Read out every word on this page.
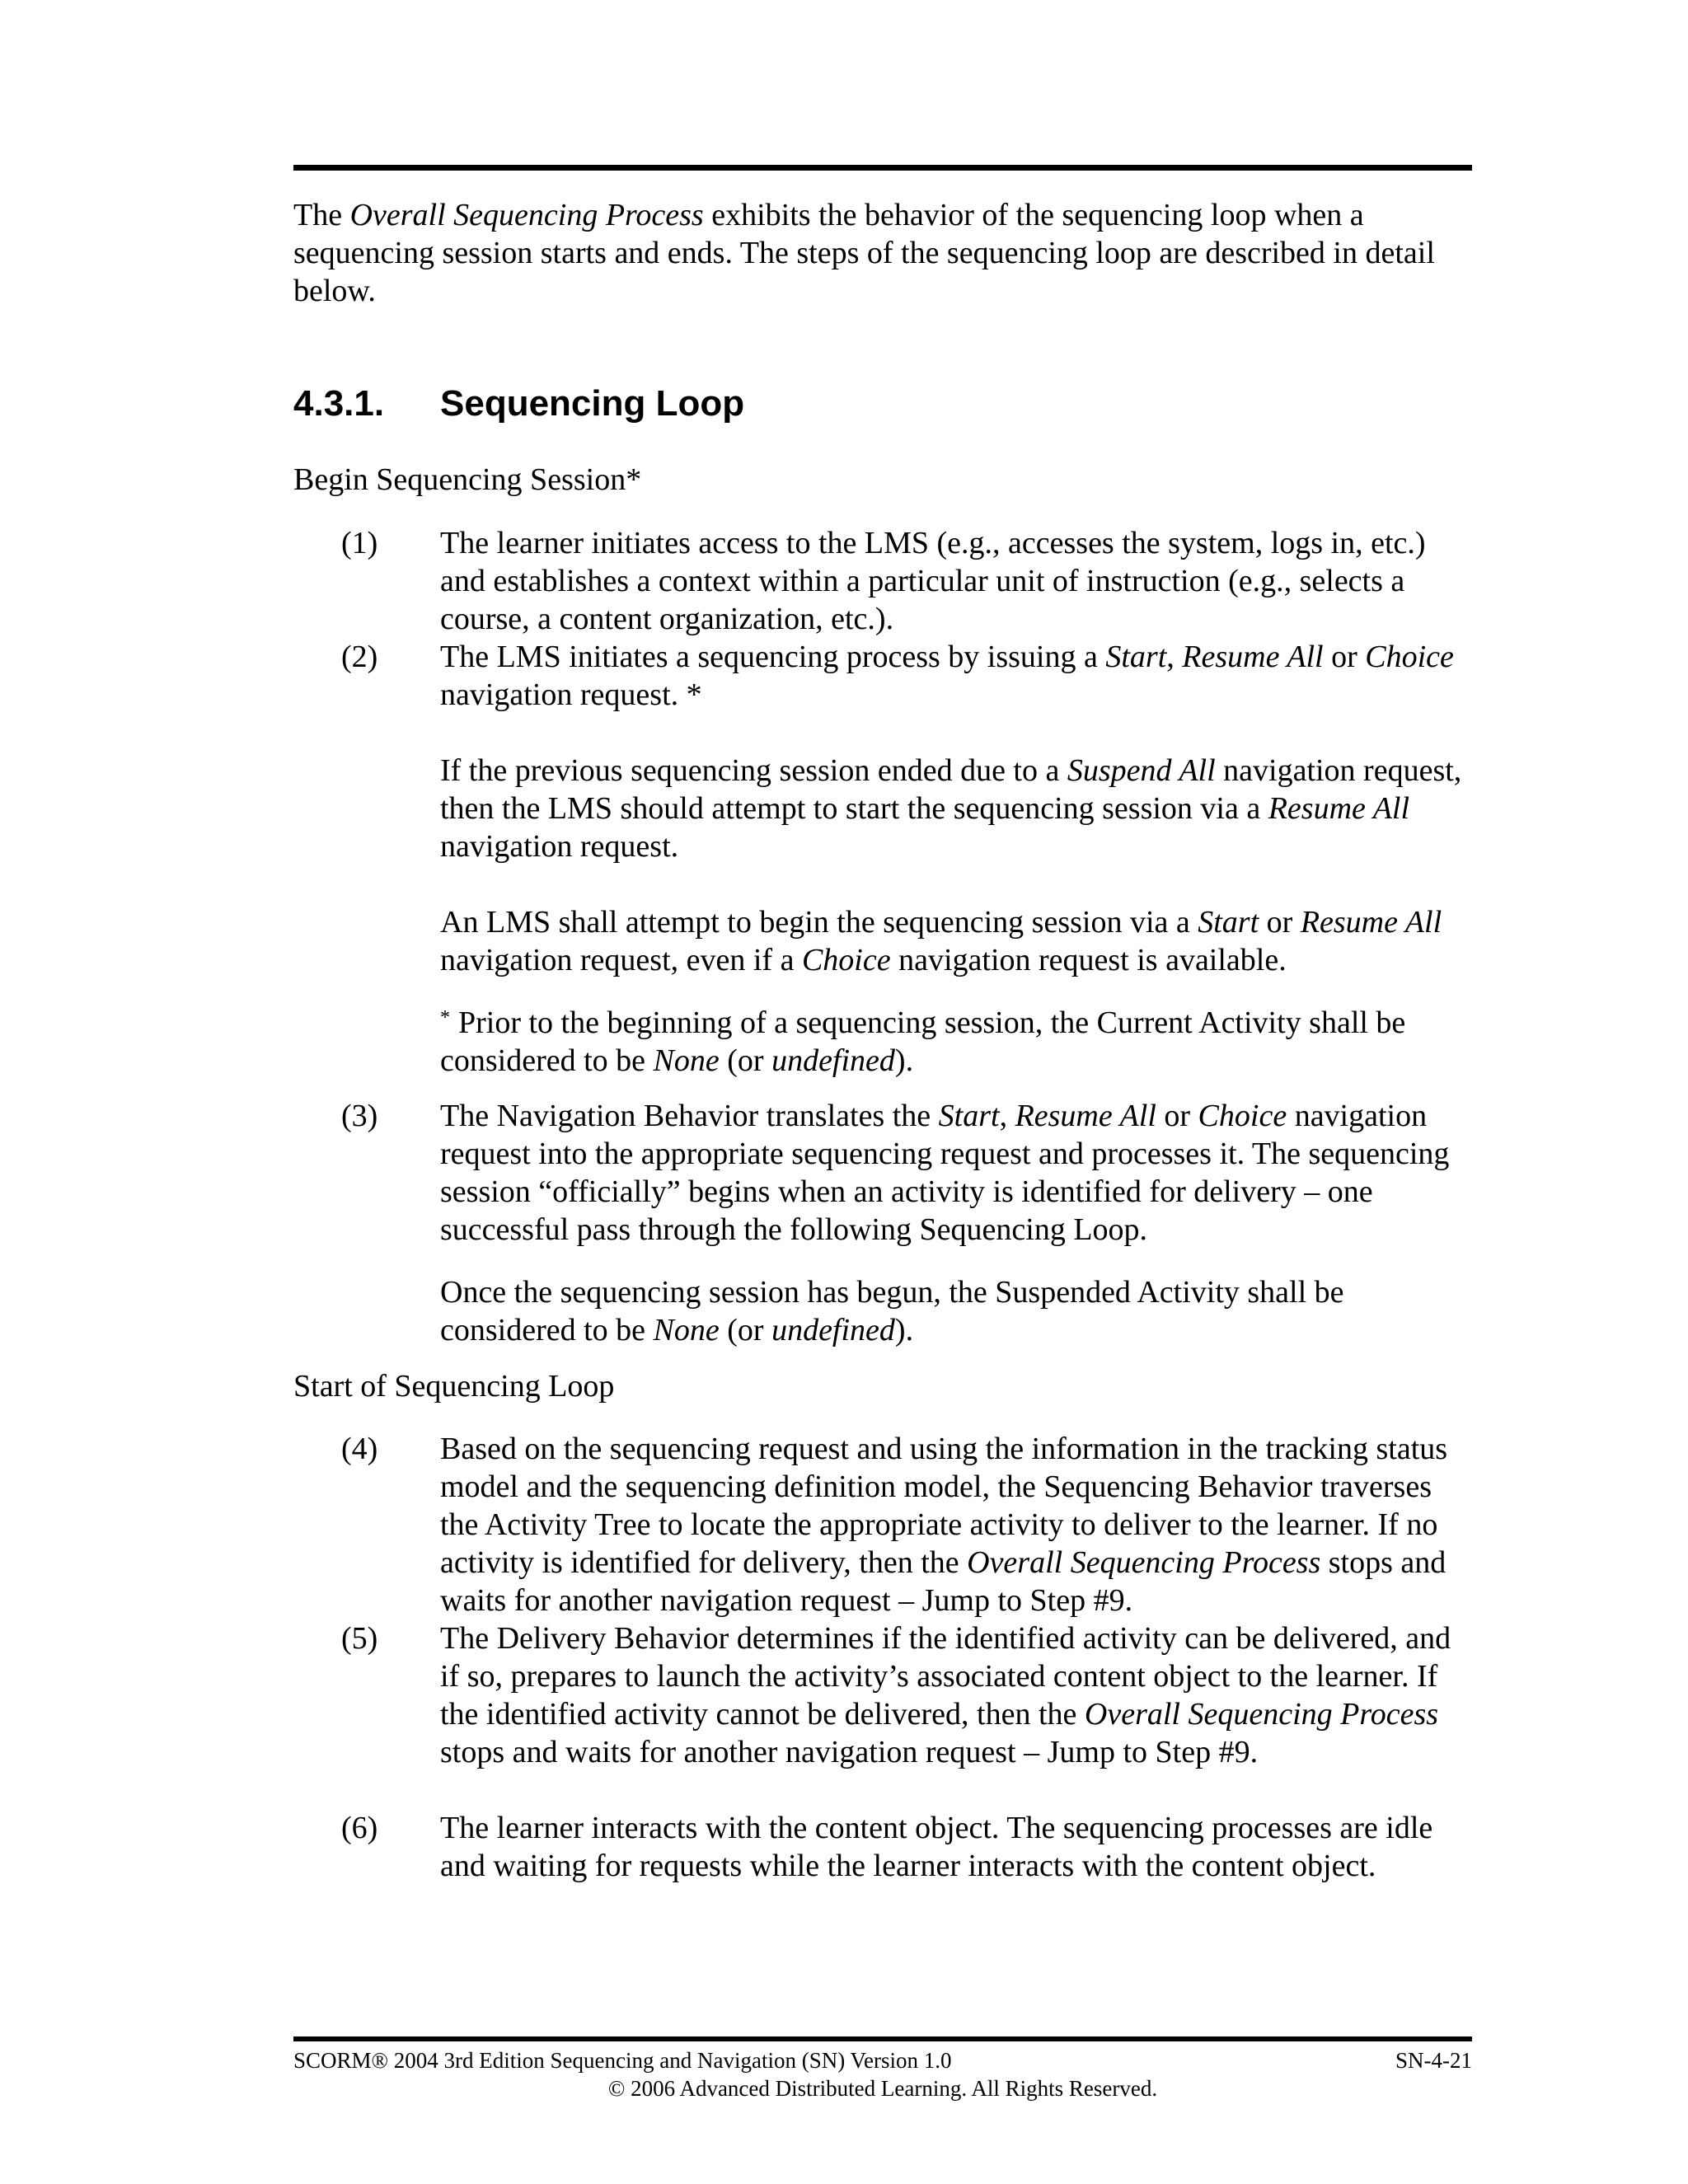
The Overall Sequencing Process exhibits the behavior of the sequencing loop when a sequencing session starts and ends. The steps of the sequencing loop are described in detail below.

4.3.1. Sequencing Loop

Begin Sequencing Session*

(1) The learner initiates access to the LMS (e.g., accesses the system, logs in, etc.) and establishes a context within a particular unit of instruction (e.g., selects a course, a content organization, etc.).

(2) The LMS initiates a sequencing process by issuing a Start, Resume All or Choice navigation request. *

If the previous sequencing session ended due to a Suspend All navigation request, then the LMS should attempt to start the sequencing session via a Resume All navigation request.

An LMS shall attempt to begin the sequencing session via a Start or Resume All navigation request, even if a Choice navigation request is available.

* Prior to the beginning of a sequencing session, the Current Activity shall be considered to be None (or undefined).

(3) The Navigation Behavior translates the Start, Resume All or Choice navigation request into the appropriate sequencing request and processes it. The sequencing session “officially” begins when an activity is identified for delivery – one successful pass through the following Sequencing Loop.

Once the sequencing session has begun, the Suspended Activity shall be considered to be None (or undefined).

Start of Sequencing Loop

(4) Based on the sequencing request and using the information in the tracking status model and the sequencing definition model, the Sequencing Behavior traverses the Activity Tree to locate the appropriate activity to deliver to the learner. If no activity is identified for delivery, then the Overall Sequencing Process stops and waits for another navigation request – Jump to Step #9.

(5) The Delivery Behavior determines if the identified activity can be delivered, and if so, prepares to launch the activity’s associated content object to the learner. If the identified activity cannot be delivered, then the Overall Sequencing Process stops and waits for another navigation request – Jump to Step #9.

(6) The learner interacts with the content object. The sequencing processes are idle and waiting for requests while the learner interacts with the content object.

SCORM® 2004 3rd Edition Sequencing and Navigation (SN) Version 1.0	SN-4-21
© 2006 Advanced Distributed Learning. All Rights Reserved.
